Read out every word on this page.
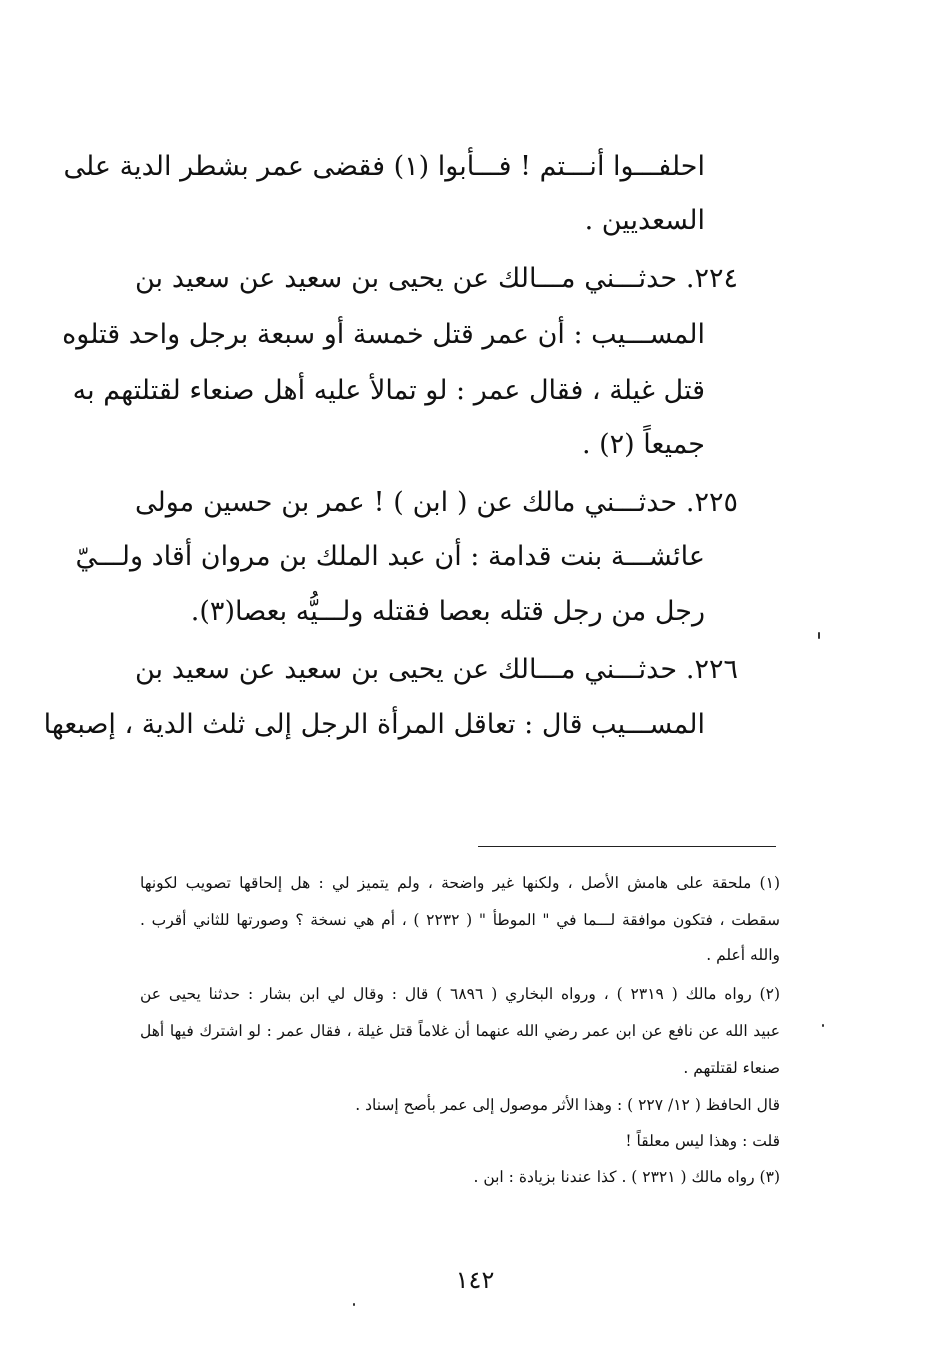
احلفـــوا أنـــتم ! فـــأبوا (١) فقضى عمر بشطر الدية على
السعديين .
٢٢٤. حدثـــني مـــالك عن يحيى بن سعيد عن سعيد بن
المســـيب : أن عمر قتل خمسة أو سبعة برجل واحد قتلوه
قتل غيلة ، فقال عمر : لو تمالأ عليه أهل صنعاء لقتلتهم به
جميعاً (٢) .
٢٢٥. حدثـــني مالك عن ( ابن ) ! عمر بن حسين مولى
عائشـــة بنت قدامة : أن عبد الملك بن مروان أقاد ولـــيّ
رجل من رجل قتله بعصا فقتله ولـــيُّه بعصا(٣).
٢٢٦. حدثـــني مـــالك عن يحيى بن سعيد عن سعيد بن
المســـيب قال : تعاقل المرأة الرجل إلى ثلث الدية ، إصبعها
(١) ملحقة على هامش الأصل ، ولكنها غير واضحة ، ولم يتميز لي : هل إلحاقها تصويب لكونها
سقطت ، فتكون موافقة لـــما في " الموطأ " ( ٢٢٣٢ ) ، أم هي نسخة ؟ وصورتها للثاني أقرب .
والله أعلم .
(٢) رواه مالك ( ٢٣١٩ ) ، ورواه البخاري ( ٦٨٩٦ ) قال : وقال لي ابن بشار : حدثنا يحيى عن
عبيد الله عن نافع عن ابن عمر رضي الله عنهما أن غلاماً قتل غيلة ، فقال عمر : لو اشترك فيها أهل
صنعاء لقتلتهم .
قال الحافظ ( ١٢/ ٢٢٧ ) : وهذا الأثر موصول إلى عمر بأصح إسناد .
قلت : وهذا ليس معلقاً !
(٣) رواه مالك ( ٢٣٢١ ) . كذا عندنا بزيادة : ابن .
١٤٢
